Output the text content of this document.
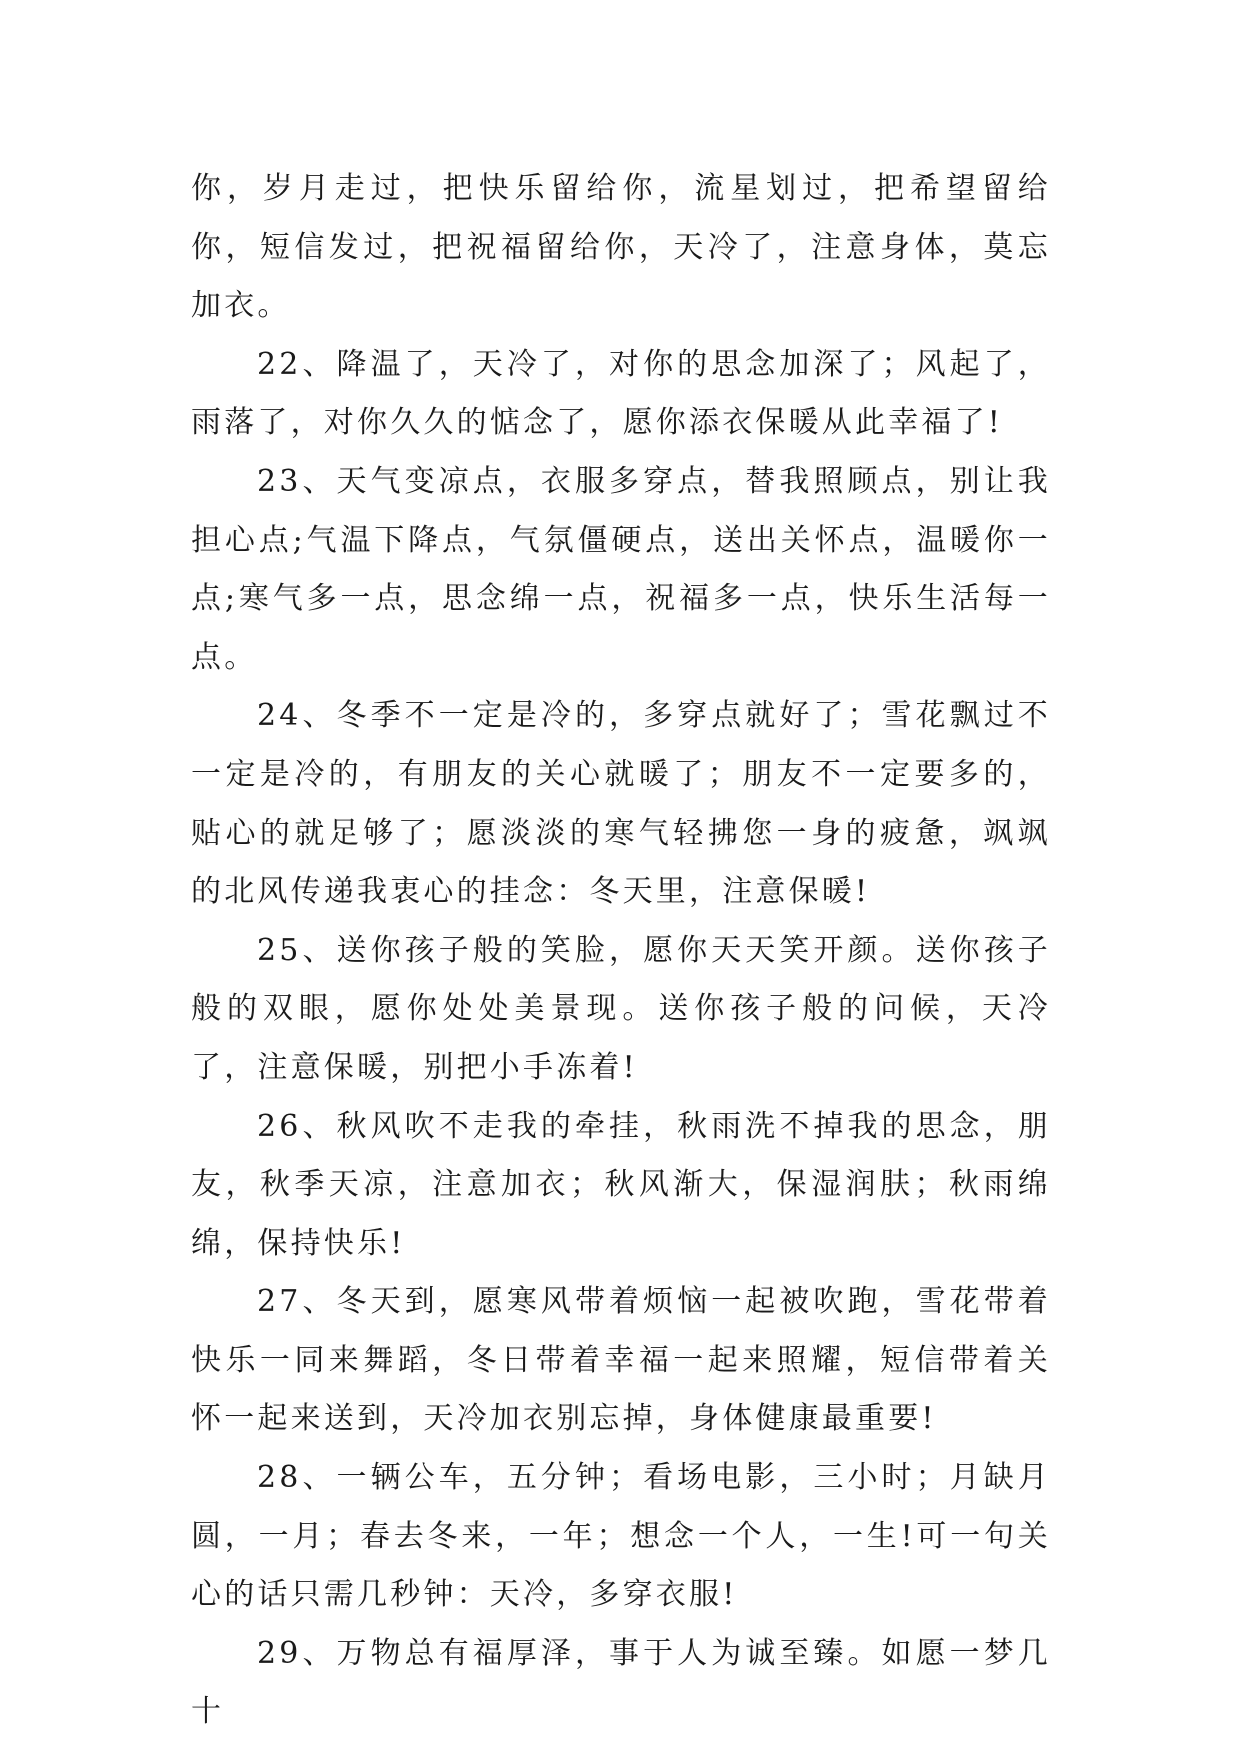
你，岁月走过，把快乐留给你，流星划过，把希望留给你，短信发过，把祝福留给你，天冷了，注意身体，莫忘加衣。

22、降温了，天冷了，对你的思念加深了；风起了，雨落了，对你久久的惦念了，愿你添衣保暖从此幸福了!

23、天气变凉点，衣服多穿点，替我照顾点，别让我担心点;气温下降点，气氛僵硬点，送出关怀点，温暖你一点;寒气多一点，思念绵一点，祝福多一点，快乐生活每一点。

24、冬季不一定是冷的，多穿点就好了；雪花飘过不一定是冷的，有朋友的关心就暖了；朋友不一定要多的，贴心的就足够了；愿淡淡的寒气轻拂您一身的疲惫，飒飒的北风传递我衷心的挂念：冬天里，注意保暖!

25、送你孩子般的笑脸，愿你天天笑开颜。送你孩子般的双眼，愿你处处美景现。送你孩子般的问候，天冷了，注意保暖，别把小手冻着!

26、秋风吹不走我的牵挂，秋雨洗不掉我的思念，朋友，秋季天凉，注意加衣；秋风渐大，保湿润肤；秋雨绵绵，保持快乐!

27、冬天到，愿寒风带着烦恼一起被吹跑，雪花带着快乐一同来舞蹈，冬日带着幸福一起来照耀，短信带着关怀一起来送到，天冷加衣别忘掉，身体健康最重要!

28、一辆公车，五分钟；看场电影，三小时；月缺月圆，一月；春去冬来，一年；想念一个人，一生!可一句关心的话只需几秒钟：天冷，多穿衣服!

29、万物总有福厚泽，事于人为诚至臻。如愿一梦几十
